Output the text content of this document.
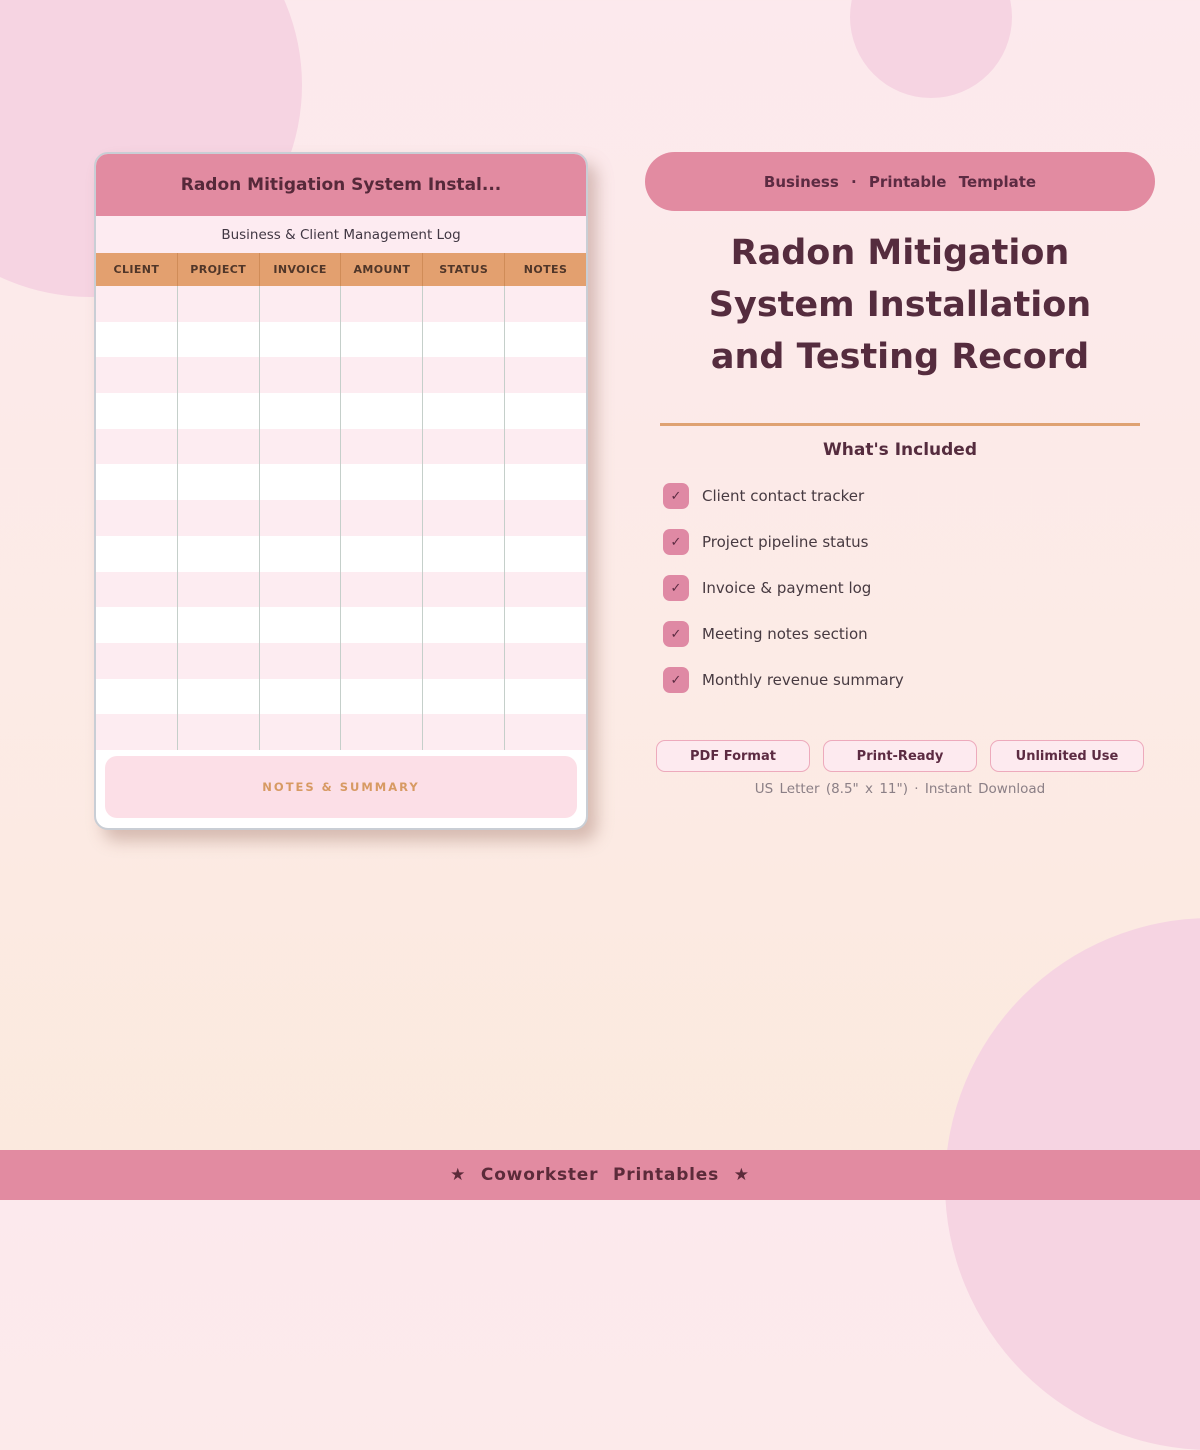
Radon Mitigation System Instal...
Business & Client Management Log
CLIENT	PROJECT	INVOICE	AMOUNT	STATUS	NOTES
NOTES & SUMMARY
Business · Printable Template
Radon Mitigation System Installation and Testing Record
What's Included
✓	Client contact tracker
✓	Project pipeline status
✓	Invoice & payment log
✓	Meeting notes section
✓	Monthly revenue summary
PDF Format	Print-Ready	Unlimited Use
US Letter (8.5" x 11") · Instant Download
★ Coworkster Printables ★
